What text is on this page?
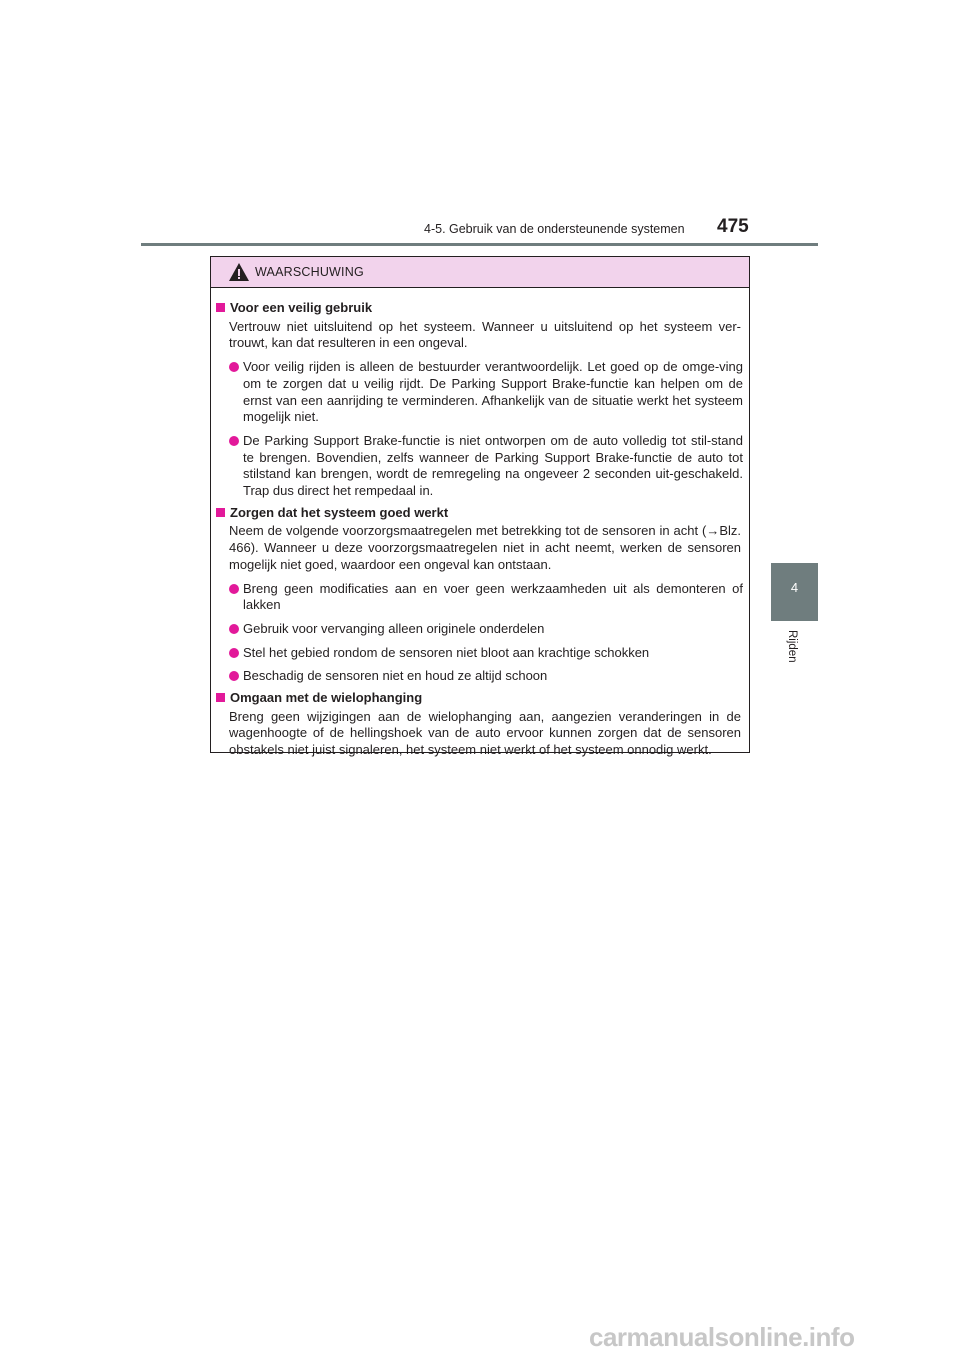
4-5. Gebruik van de ondersteunende systemen 475
4
Rijden
WAARSCHUWING
Voor een veilig gebruik
Vertrouw niet uitsluitend op het systeem. Wanneer u uitsluitend op het systeem ver-trouwt, kan dat resulteren in een ongeval.
Voor veilig rijden is alleen de bestuurder verantwoordelijk. Let goed op de omge-ving om te zorgen dat u veilig rijdt. De Parking Support Brake-functie kan helpen om de ernst van een aanrijding te verminderen. Afhankelijk van de situatie werkt het systeem mogelijk niet.
De Parking Support Brake-functie is niet ontworpen om de auto volledig tot stil-stand te brengen. Bovendien, zelfs wanneer de Parking Support Brake-functie de auto tot stilstand kan brengen, wordt de remregeling na ongeveer 2 seconden uit-geschakeld. Trap dus direct het rempedaal in.
Zorgen dat het systeem goed werkt
Neem de volgende voorzorgsmaatregelen met betrekking tot de sensoren in acht (→Blz. 466). Wanneer u deze voorzorgsmaatregelen niet in acht neemt, werken de sensoren mogelijk niet goed, waardoor een ongeval kan ontstaan.
Breng geen modificaties aan en voer geen werkzaamheden uit als demonteren of lakken
Gebruik voor vervanging alleen originele onderdelen
Stel het gebied rondom de sensoren niet bloot aan krachtige schokken
Beschadig de sensoren niet en houd ze altijd schoon
Omgaan met de wielophanging
Breng geen wijzigingen aan de wielophanging aan, aangezien veranderingen in de wagenhoogte of de hellingshoek van de auto ervoor kunnen zorgen dat de sensoren obstakels niet juist signaleren, het systeem niet werkt of het systeem onnodig werkt.
carmanualsonline.info
